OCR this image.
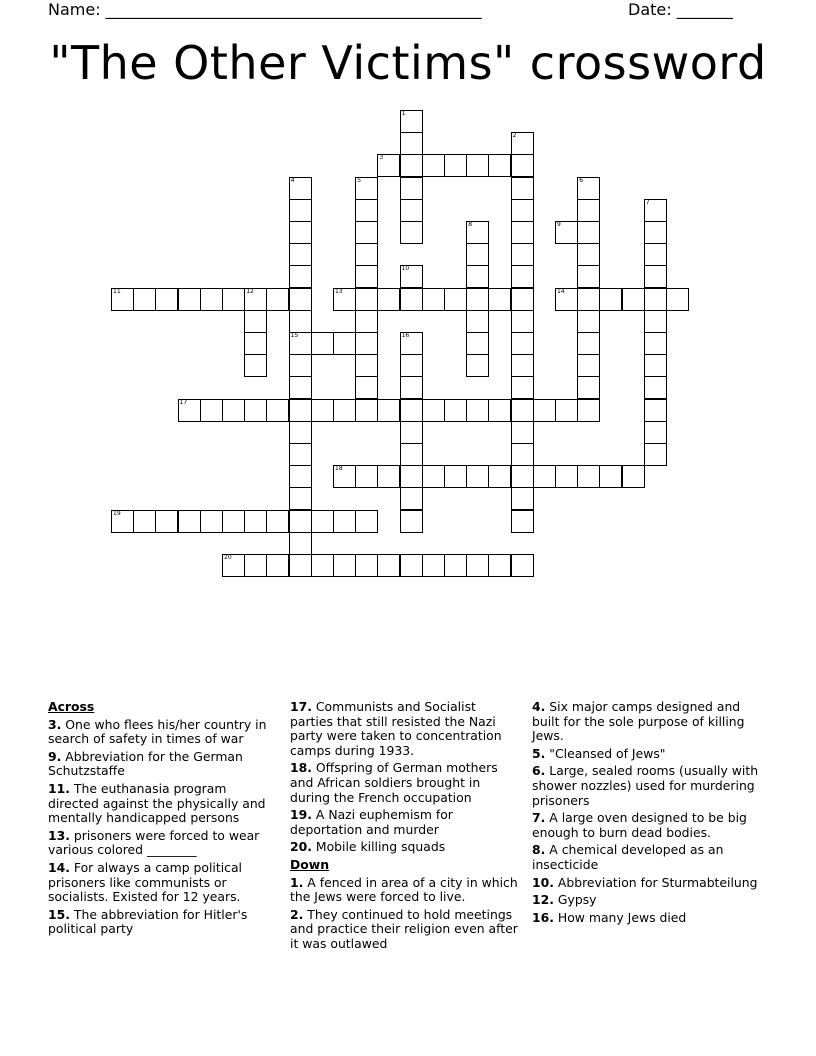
Name: _______________________________________________	Date: _______
"The Other Victims" crossword
1
2
3
4
15
5	6
7
8	9
10
11	12	13	14
16
17
18
19
20
Across
3. One who flees his/her country in search of safety in times of war
9. Abbreviation for the German Schutzstaffe
11. The euthanasia program directed against the physically and mentally handicapped persons
13. prisoners were forced to wear various colored ________
14. For always a camp political prisoners like communists or socialists. Existed for 12 years.
15. The abbreviation for Hitler's political party
17. Communists and Socialist parties that still resisted the Nazi party were taken to concentration camps during 1933.
18. Offspring of German mothers and African soldiers brought in during the French occupation
19. A Nazi euphemism for deportation and murder
20. Mobile killing squads
Down
1. A fenced in area of a city in which the Jews were forced to live.
2. They continued to hold meetings and practice their religion even after it was outlawed
4. Six major camps designed and built for the sole purpose of killing Jews.
5. "Cleansed of Jews"
6. Large, sealed rooms (usually with shower nozzles) used for murdering prisoners
7. A large oven designed to be big enough to burn dead bodies.
8. A chemical developed as an insecticide
10. Abbreviation for Sturmabteilung
12. Gypsy
16. How many Jews died
